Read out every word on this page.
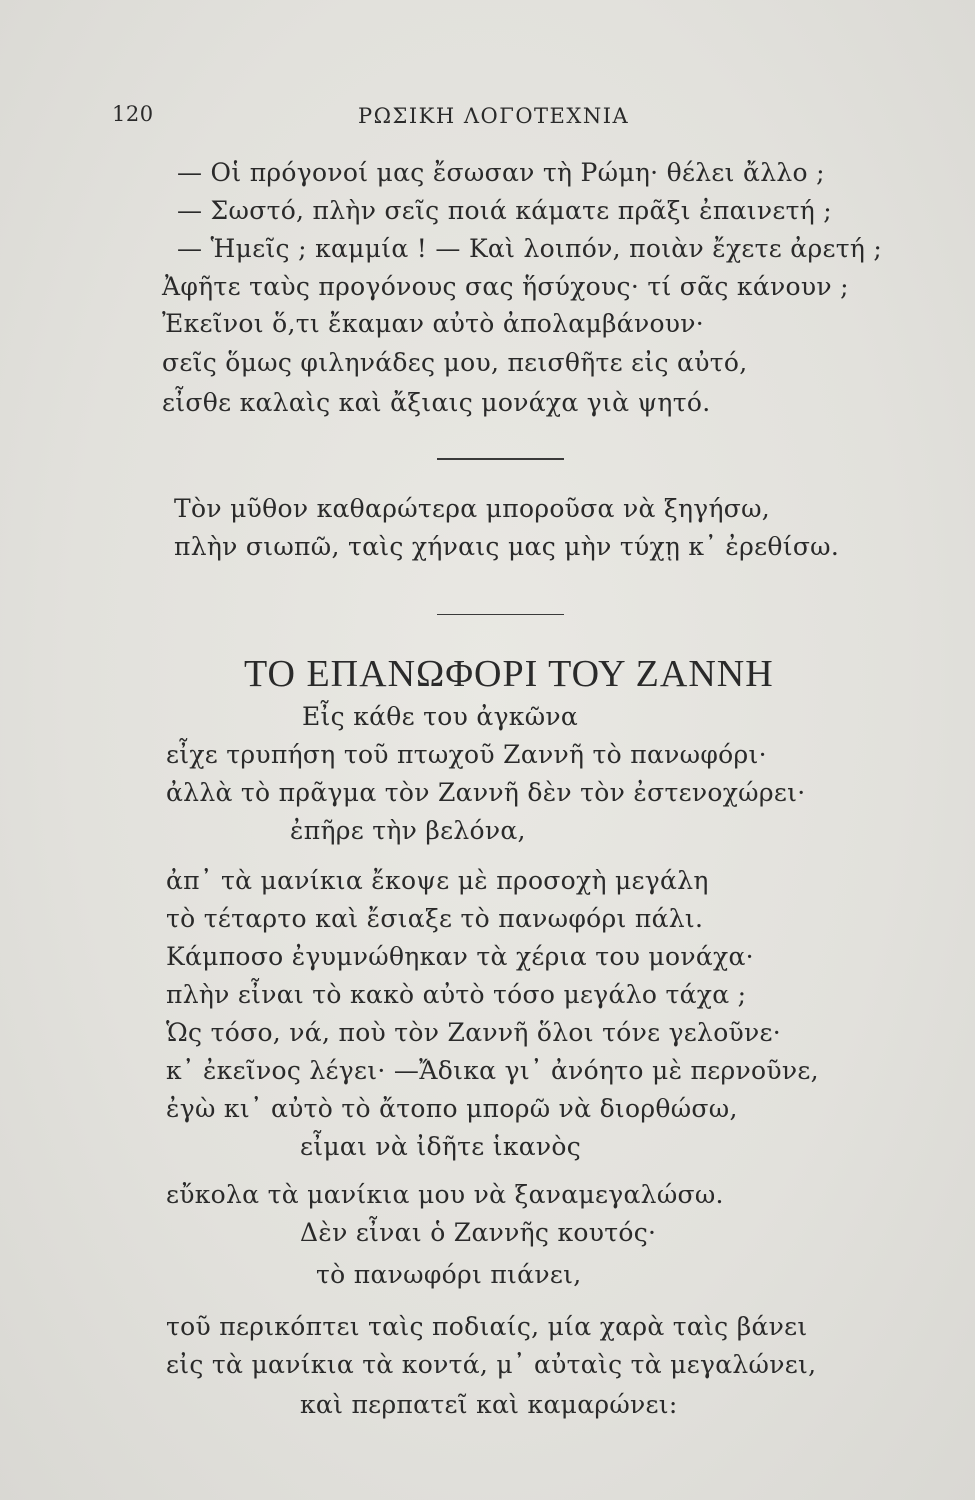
120	ΡΩΣΙΚΗ ΛΟΓΟΤΕΧΝΙΑ
— Οἱ πρόγονοί μας ἔσωσαν τὴ Ρώμη· θέλει ἄλλο ;
— Σωστό, πλὴν σεῖς ποιά κάματε πρᾶξι ἐπαινετή ;
— Ἡμεῖς ; καμμία ! — Καὶ λοιπόν, ποιὰν ἔχετε ἀρετή ;
Ἀφῆτε ταὺς προγόνους σας ἥσύχους· τί σᾶς κάνουν ;
Ἐκεῖνοι ὅ,τι ἔκαμαν αὐτὸ ἀπολαμβάνουν·
σεῖς ὅμως φιληνάδες μου, πεισθῆτε εἰς αὐτό,
εἶσθε καλαὶς καὶ ἄξιαις μονάχα γιὰ ψητό.
Τὸν μῦθον καθαρώτερα μποροῦσα νὰ ξηγήσω,
πλὴν σιωπῶ, ταὶς χήναις μας μὴν τύχῃ κ᾽ ἐρεθίσω.
ΤΟ ΕΠΑΝΩΦΟΡΙ ΤΟΥ ΖΑΝΝΗ
Εἶς κάθε του ἀγκῶνα
εἶχε τρυπήση τοῦ πτωχοῦ Ζαννῆ τὸ πανωφόρι·
ἀλλὰ τὸ πρᾶγμα τὸν Ζαννῆ δὲν τὸν ἐστενοχώρει·
ἐπῆρε τὴν βελόνα,
ἀπ᾽ τὰ μανίκια ἔκοψε μὲ προσοχὴ μεγάλη
τὸ τέταρτο καὶ ἔσιαξε τὸ πανωφόρι πάλι.
Κάμποσο ἐγυμνώθηκαν τὰ χέρια του μονάχα·
πλὴν εἶναι τὸ κακὸ αὐτὸ τόσο μεγάλο τάχα ;
Ὡς τόσο, νά, ποὺ τὸν Ζαννῆ ὅλοι τόνε γελοῦνε·
κ᾽ ἐκεῖνος λέγει· —Ἄδικα γι᾽ ἀνόητο μὲ περνοῦνε,
ἐγὼ κι᾽ αὐτὸ τὸ ἄτοπο μπορῶ νὰ διορθώσω,
εἶμαι νὰ ἰδῆτε ἱκανὸς
εὔκολα τὰ μανίκια μου νὰ ξαναμεγαλώσω.
Δὲν εἶναι ὁ Ζαννῆς κουτός·
τὸ πανωφόρι πιάνει,
τοῦ περικόπτει ταὶς ποδιαίς, μία χαρὰ ταὶς βάνει
εἰς τὰ μανίκια τὰ κοντά, μ᾽ αὐταὶς τὰ μεγαλώνει,
καὶ περπατεῖ καὶ καμαρώνει:
